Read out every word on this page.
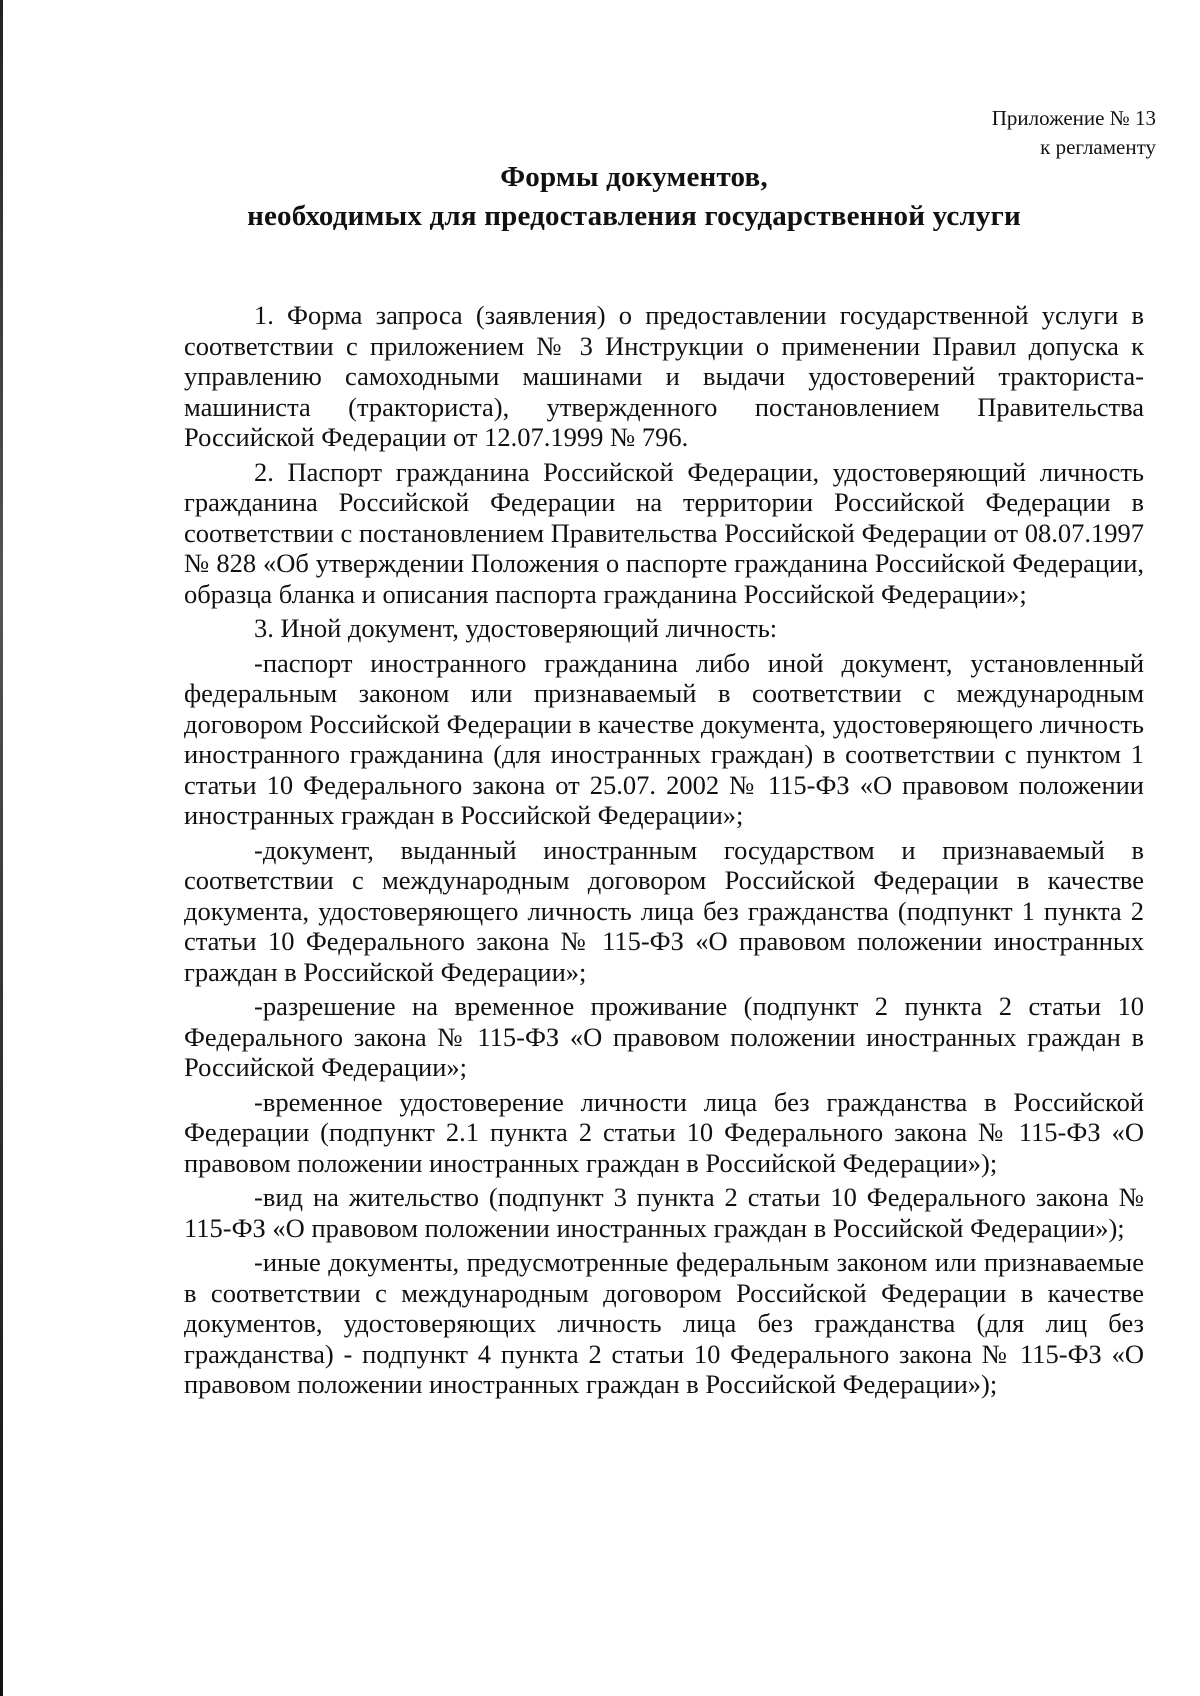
Приложение № 13
к регламенту
Формы документов,
необходимых для предоставления государственной услуги

1. Форма запроса (заявления) о предоставлении государственной услуги в соответствии с приложением № 3 Инструкции о применении Правил допуска к управлению самоходными машинами и выдачи удостоверений тракториста-машиниста (тракториста), утвержденного постановлением Правительства Российской Федерации от 12.07.1999 № 796.

2. Паспорт гражданина Российской Федерации, удостоверяющий личность гражданина Российской Федерации на территории Российской Федерации в соответствии с постановлением Правительства Российской Федерации от 08.07.1997 № 828 «Об утверждении Положения о паспорте гражданина Российской Федерации, образца бланка и описания паспорта гражданина Российской Федерации»;

3. Иной документ, удостоверяющий личность:

-паспорт иностранного гражданина либо иной документ, установленный федеральным законом или признаваемый в соответствии с международным договором Российской Федерации в качестве документа, удостоверяющего личность иностранного гражданина (для иностранных граждан) в соответствии с пунктом 1 статьи 10 Федерального закона от 25.07. 2002 № 115-ФЗ «О правовом положении иностранных граждан в Российской Федерации»;

-документ, выданный иностранным государством и признаваемый в соответствии с международным договором Российской Федерации в качестве документа, удостоверяющего личность лица без гражданства (подпункт 1 пункта 2 статьи 10 Федерального закона № 115-ФЗ «О правовом положении иностранных граждан в Российской Федерации»;

-разрешение на временное проживание (подпункт 2 пункта 2 статьи 10 Федерального закона № 115-ФЗ «О правовом положении иностранных граждан в Российской Федерации»;

-временное удостоверение личности лица без гражданства в Российской Федерации (подпункт 2.1 пункта 2 статьи 10 Федерального закона № 115-ФЗ «О правовом положении иностранных граждан в Российской Федерации»);

-вид на жительство (подпункт 3 пункта 2 статьи 10 Федерального закона № 115-ФЗ «О правовом положении иностранных граждан в Российской Федерации»);

-иные документы, предусмотренные федеральным законом или признаваемые в соответствии с международным договором Российской Федерации в качестве документов, удостоверяющих личность лица без гражданства (для лиц без гражданства) - подпункт 4 пункта 2 статьи 10 Федерального закона № 115-ФЗ «О правовом положении иностранных граждан в Российской Федерации»);
